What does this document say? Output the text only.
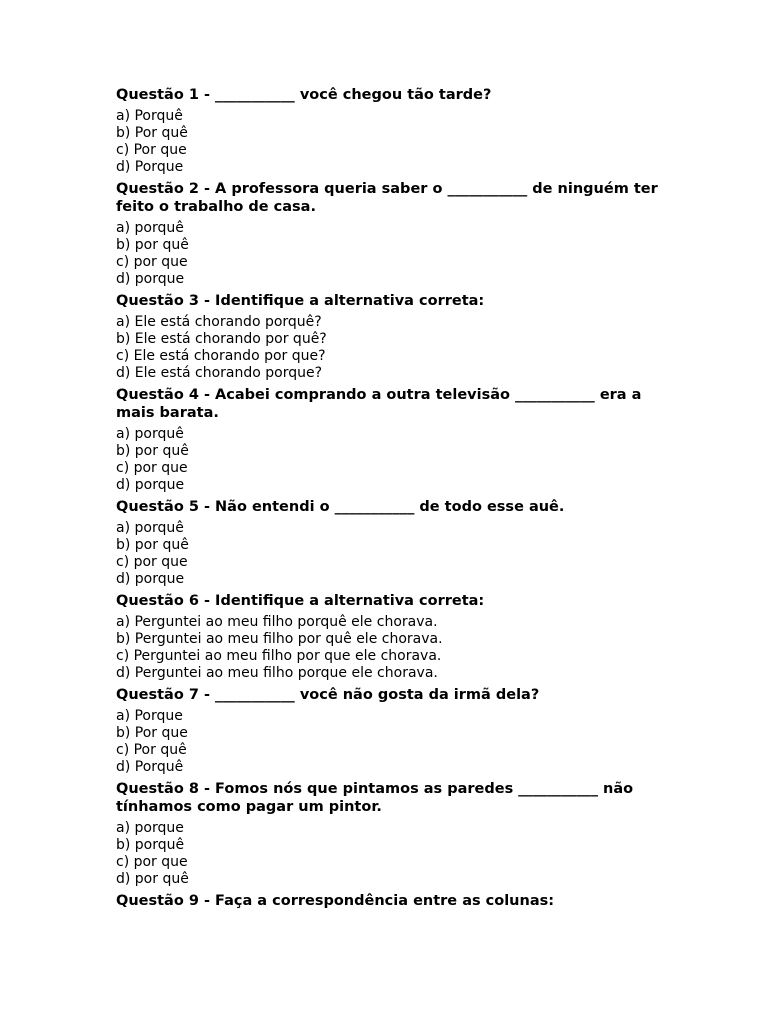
Questão 1 - ___________ você chegou tão tarde?

a) Porquê
b) Por quê
c) Por que
d) Porque

Questão 2 - A professora queria saber o ___________ de ninguém ter feito o trabalho de casa.

a) porquê
b) por quê
c) por que
d) porque

Questão 3 - Identifique a alternativa correta:

a) Ele está chorando porquê?
b) Ele está chorando por quê?
c) Ele está chorando por que?
d) Ele está chorando porque?

Questão 4 - Acabei comprando a outra televisão ___________ era a mais barata.

a) porquê
b) por quê
c) por que
d) porque

Questão 5 - Não entendi o ___________ de todo esse auê.

a) porquê
b) por quê
c) por que
d) porque

Questão 6 - Identifique a alternativa correta:

a) Perguntei ao meu filho porquê ele chorava.
b) Perguntei ao meu filho por quê ele chorava.
c) Perguntei ao meu filho por que ele chorava.
d) Perguntei ao meu filho porque ele chorava.

Questão 7 - ___________ você não gosta da irmã dela?

a) Porque
b) Por que
c) Por quê
d) Porquê

Questão 8 - Fomos nós que pintamos as paredes ___________ não tínhamos como pagar um pintor.

a) porque
b) porquê
c) por que
d) por quê

Questão 9 - Faça a correspondência entre as colunas:
